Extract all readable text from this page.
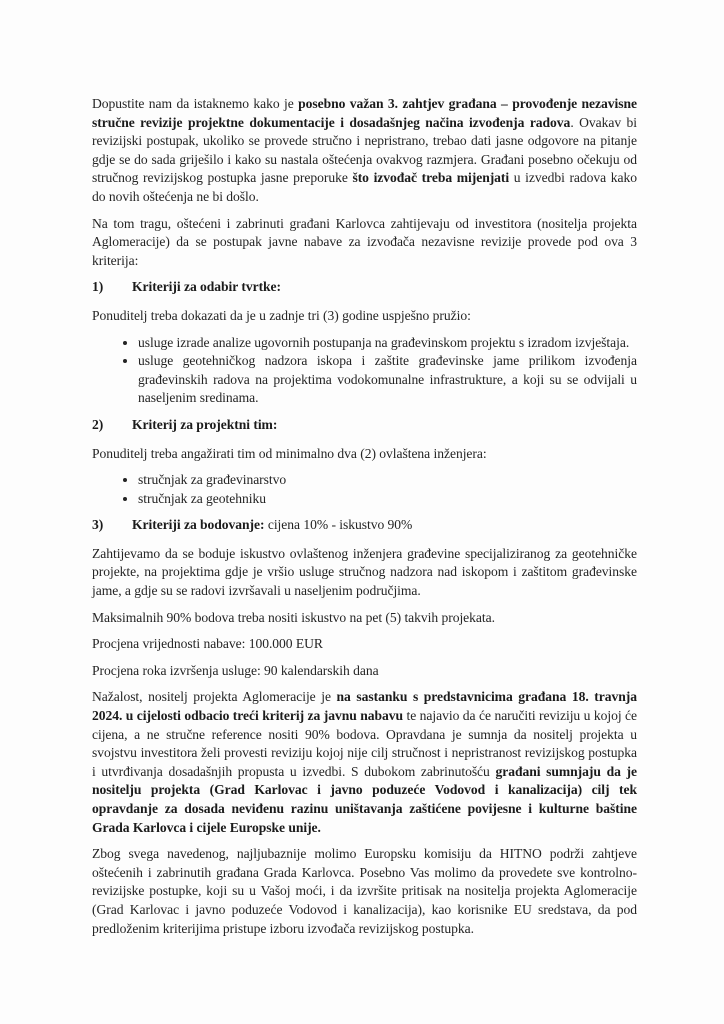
Dopustite nam da istaknemo kako je posebno važan 3. zahtjev građana – provođenje nezavisne stručne revizije projektne dokumentacije i dosadašnjeg načina izvođenja radova. Ovakav bi revizijski postupak, ukoliko se provede stručno i nepristrano, trebao dati jasne odgovore na pitanje gdje se do sada griješilo i kako su nastala oštećenja ovakvog razmjera. Građani posebno očekuju od stručnog revizijskog postupka jasne preporuke što izvođač treba mijenjati u izvedbi radova kako do novih oštećenja ne bi došlo.

Na tom tragu, oštećeni i zabrinuti građani Karlovca zahtijevaju od investitora (nositelja projekta Aglomeracije) da se postupak javne nabave za izvođača nezavisne revizije provede pod ova 3 kriterija:

1) Kriteriji za odabir tvrtke:

Ponuditelj treba dokazati da je u zadnje tri (3) godine uspješno pružio:

• usluge izrade analize ugovornih postupanja na građevinskom projektu s izradom izvještaja.
• usluge geotehničkog nadzora iskopa i zaštite građevinske jame prilikom izvođenja građevinskih radova na projektima vodokomunalne infrastrukture, a koji su se odvijali u naseljenim sredinama.

2) Kriterij za projektni tim:

Ponuditelj treba angažirati tim od minimalno dva (2) ovlaštena inženjera:

• stručnjak za građevinarstvo
• stručnjak za geotehniku

3) Kriteriji za bodovanje: cijena 10% - iskustvo 90%

Zahtijevamo da se boduje iskustvo ovlaštenog inženjera građevine specijaliziranog za geotehničke projekte, na projektima gdje je vršio usluge stručnog nadzora nad iskopom i zaštitom građevinske jame, a gdje su se radovi izvršavali u naseljenim područjima.

Maksimalnih 90% bodova treba nositi iskustvo na pet (5) takvih projekata.

Procjena vrijednosti nabave: 100.000 EUR

Procjena roka izvršenja usluge: 90 kalendarskih dana

Nažalost, nositelj projekta Aglomeracije je na sastanku s predstavnicima građana 18. travnja 2024. u cijelosti odbacio treći kriterij za javnu nabavu te najavio da će naručiti reviziju u kojoj će cijena, a ne stručne reference nositi 90% bodova. Opravdana je sumnja da nositelj projekta u svojstvu investitora želi provesti reviziju kojoj nije cilj stručnost i nepristranost revizijskog postupka i utvrđivanja dosadašnjih propusta u izvedbi. S dubokom zabrinutošću građani sumnjaju da je nositelju projekta (Grad Karlovac i javno poduzeće Vodovod i kanalizacija) cilj tek opravdanje za dosada neviđenu razinu uništavanja zaštićene povijesne i kulturne baštine Grada Karlovca i cijele Europske unije.

Zbog svega navedenog, najljubaznije molimo Europsku komisiju da HITNO podrži zahtjeve oštećenih i zabrinutih građana Grada Karlovca. Posebno Vas molimo da provedete sve kontrolno-revizijske postupke, koji su u Vašoj moći, i da izvršite pritisak na nositelja projekta Aglomeracije (Grad Karlovac i javno poduzeće Vodovod i kanalizacija), kao korisnike EU sredstava, da pod predloženim kriterijima pristupe izboru izvođača revizijskog postupka.
